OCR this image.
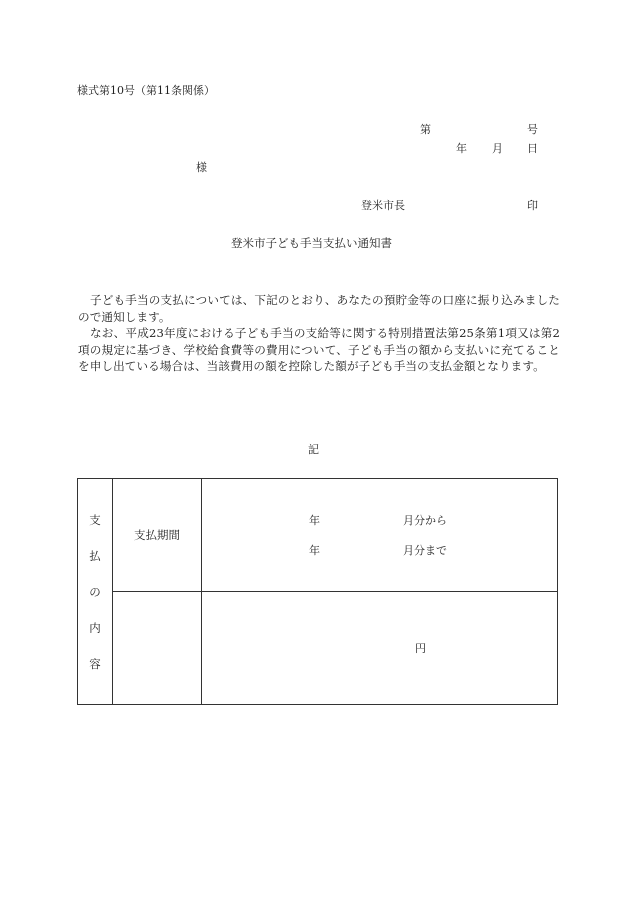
様式第10号（第11条関係）
第	号
年 月 日
様
登米市長	印
登米市子ども手当支払い通知書

子ども手当の支払については、下記のとおり、あなたの預貯金等の口座に振り込みましたので通知します。

なお、平成23年度における子ども手当の支給等に関する特別措置法第25条第1項又は第2項の規定に基づき、学校給食費等の費用について、子ども手当の額から支払いに充てることを申し出ている場合は、当該費用の額を控除した額が子ども手当の支払金額となります。

記
支
払
の
内
容	支払期間	年 月分から
年 月分まで

		円
